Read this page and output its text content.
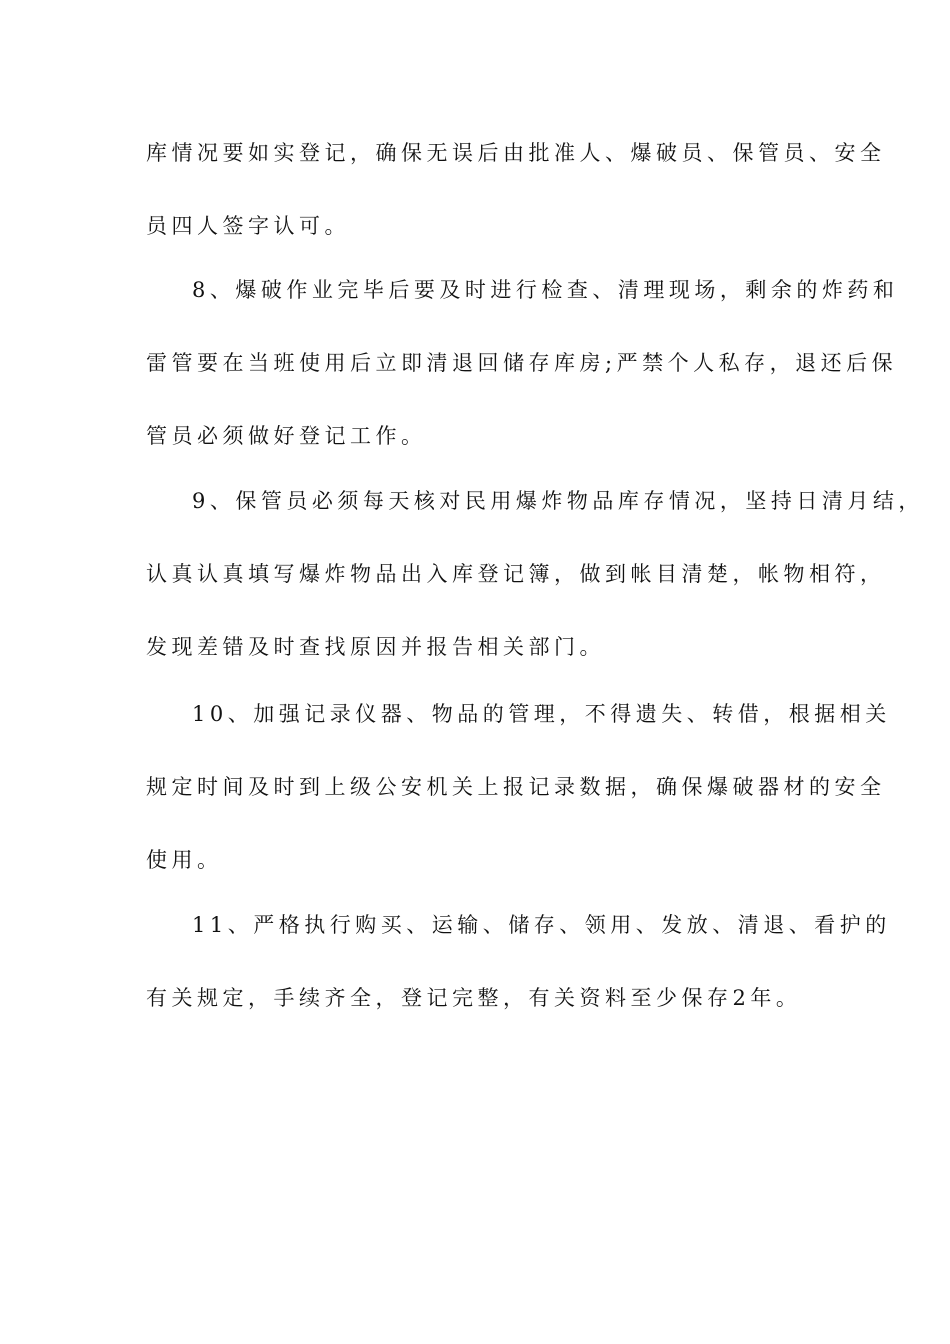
库情况要如实登记，确保无误后由批准人、爆破员、保管员、安全
员四人签字认可。
8、爆破作业完毕后要及时进行检查、清理现场，剩余的炸药和
雷管要在当班使用后立即清退回储存库房;严禁个人私存，退还后保
管员必须做好登记工作。
9、保管员必须每天核对民用爆炸物品库存情况，坚持日清月结，
认真认真填写爆炸物品出入库登记簿，做到帐目清楚，帐物相符，
发现差错及时查找原因并报告相关部门。
10、加强记录仪器、物品的管理，不得遗失、转借，根据相关
规定时间及时到上级公安机关上报记录数据，确保爆破器材的安全
使用。
11、严格执行购买、运输、储存、领用、发放、清退、看护的
有关规定，手续齐全，登记完整，有关资料至少保存2年。
